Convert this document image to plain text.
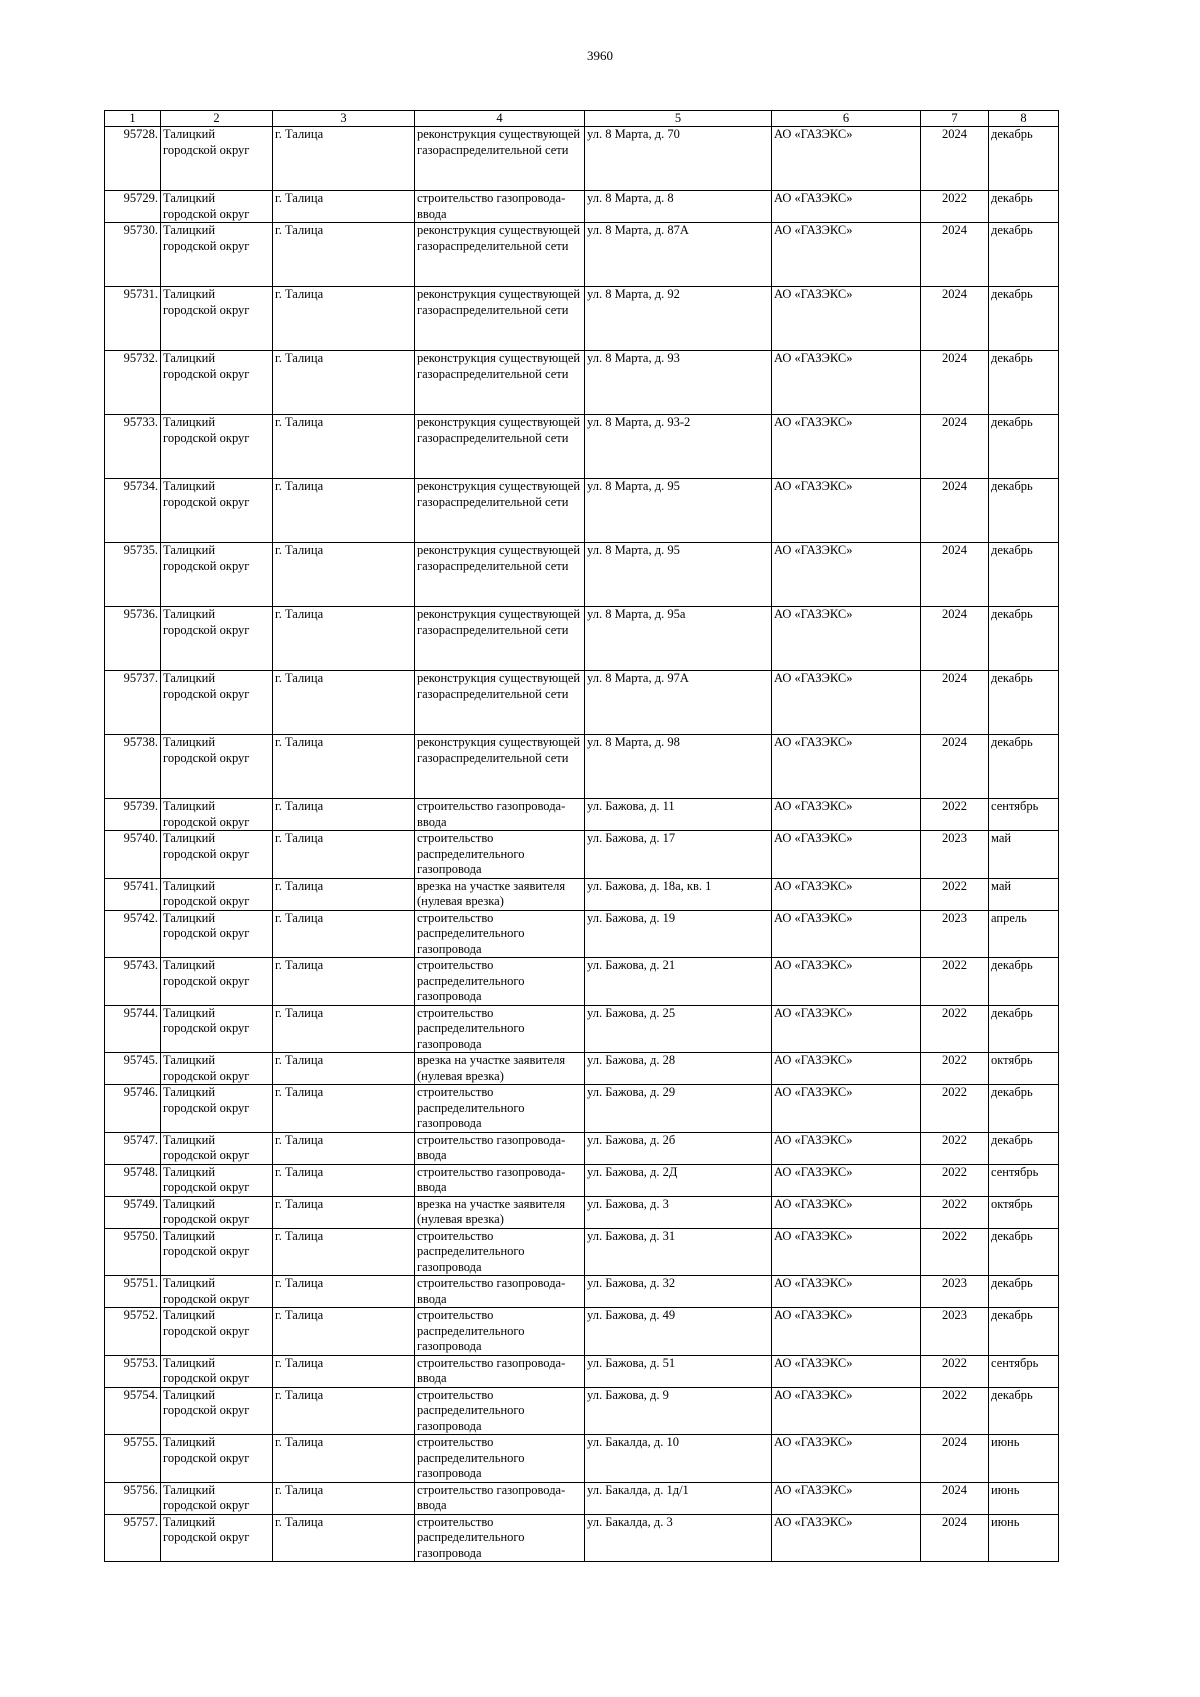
3960
1	2	3	4	5	6	7	8
95728.	Талицкий городской округ	г. Талица	реконструкция существующей газораспределительной сети	ул. 8 Марта, д. 70	АО «ГАЗЭКС»	2024	декабрь
95729.	Талицкий городской округ	г. Талица	строительство газопровода-ввода	ул. 8 Марта, д. 8	АО «ГАЗЭКС»	2022	декабрь
95730.	Талицкий городской округ	г. Талица	реконструкция существующей газораспределительной сети	ул. 8 Марта, д. 87А	АО «ГАЗЭКС»	2024	декабрь
95731.	Талицкий городской округ	г. Талица	реконструкция существующей газораспределительной сети	ул. 8 Марта, д. 92	АО «ГАЗЭКС»	2024	декабрь
95732.	Талицкий городской округ	г. Талица	реконструкция существующей газораспределительной сети	ул. 8 Марта, д. 93	АО «ГАЗЭКС»	2024	декабрь
95733.	Талицкий городской округ	г. Талица	реконструкция существующей газораспределительной сети	ул. 8 Марта, д. 93-2	АО «ГАЗЭКС»	2024	декабрь
95734.	Талицкий городской округ	г. Талица	реконструкция существующей газораспределительной сети	ул. 8 Марта, д. 95	АО «ГАЗЭКС»	2024	декабрь
95735.	Талицкий городской округ	г. Талица	реконструкция существующей газораспределительной сети	ул. 8 Марта, д. 95	АО «ГАЗЭКС»	2024	декабрь
95736.	Талицкий городской округ	г. Талица	реконструкция существующей газораспределительной сети	ул. 8 Марта, д. 95а	АО «ГАЗЭКС»	2024	декабрь
95737.	Талицкий городской округ	г. Талица	реконструкция существующей газораспределительной сети	ул. 8 Марта, д. 97А	АО «ГАЗЭКС»	2024	декабрь
95738.	Талицкий городской округ	г. Талица	реконструкция существующей газораспределительной сети	ул. 8 Марта, д. 98	АО «ГАЗЭКС»	2024	декабрь
95739.	Талицкий городской округ	г. Талица	строительство газопровода-ввода	ул. Бажова, д. 11	АО «ГАЗЭКС»	2022	сентябрь
95740.	Талицкий городской округ	г. Талица	строительство распределительного газопровода	ул. Бажова, д. 17	АО «ГАЗЭКС»	2023	май
95741.	Талицкий городской округ	г. Талица	врезка на участке заявителя (нулевая врезка)	ул. Бажова, д. 18а, кв. 1	АО «ГАЗЭКС»	2022	май
95742.	Талицкий городской округ	г. Талица	строительство распределительного газопровода	ул. Бажова, д. 19	АО «ГАЗЭКС»	2023	апрель
95743.	Талицкий городской округ	г. Талица	строительство распределительного газопровода	ул. Бажова, д. 21	АО «ГАЗЭКС»	2022	декабрь
95744.	Талицкий городской округ	г. Талица	строительство распределительного газопровода	ул. Бажова, д. 25	АО «ГАЗЭКС»	2022	декабрь
95745.	Талицкий городской округ	г. Талица	врезка на участке заявителя (нулевая врезка)	ул. Бажова, д. 28	АО «ГАЗЭКС»	2022	октябрь
95746.	Талицкий городской округ	г. Талица	строительство распределительного газопровода	ул. Бажова, д. 29	АО «ГАЗЭКС»	2022	декабрь
95747.	Талицкий городской округ	г. Талица	строительство газопровода-ввода	ул. Бажова, д. 2б	АО «ГАЗЭКС»	2022	декабрь
95748.	Талицкий городской округ	г. Талица	строительство газопровода-ввода	ул. Бажова, д. 2Д	АО «ГАЗЭКС»	2022	сентябрь
95749.	Талицкий городской округ	г. Талица	врезка на участке заявителя (нулевая врезка)	ул. Бажова, д. 3	АО «ГАЗЭКС»	2022	октябрь
95750.	Талицкий городской округ	г. Талица	строительство распределительного газопровода	ул. Бажова, д. 31	АО «ГАЗЭКС»	2022	декабрь
95751.	Талицкий городской округ	г. Талица	строительство газопровода-ввода	ул. Бажова, д. 32	АО «ГАЗЭКС»	2023	декабрь
95752.	Талицкий городской округ	г. Талица	строительство распределительного газопровода	ул. Бажова, д. 49	АО «ГАЗЭКС»	2023	декабрь
95753.	Талицкий городской округ	г. Талица	строительство газопровода-ввода	ул. Бажова, д. 51	АО «ГАЗЭКС»	2022	сентябрь
95754.	Талицкий городской округ	г. Талица	строительство распределительного газопровода	ул. Бажова, д. 9	АО «ГАЗЭКС»	2022	декабрь
95755.	Талицкий городской округ	г. Талица	строительство распределительного газопровода	ул. Бакалда, д. 10	АО «ГАЗЭКС»	2024	июнь
95756.	Талицкий городской округ	г. Талица	строительство газопровода-ввода	ул. Бакалда, д. 1д/1	АО «ГАЗЭКС»	2024	июнь
95757.	Талицкий городской округ	г. Талица	строительство распределительного газопровода	ул. Бакалда, д. 3	АО «ГАЗЭКС»	2024	июнь
